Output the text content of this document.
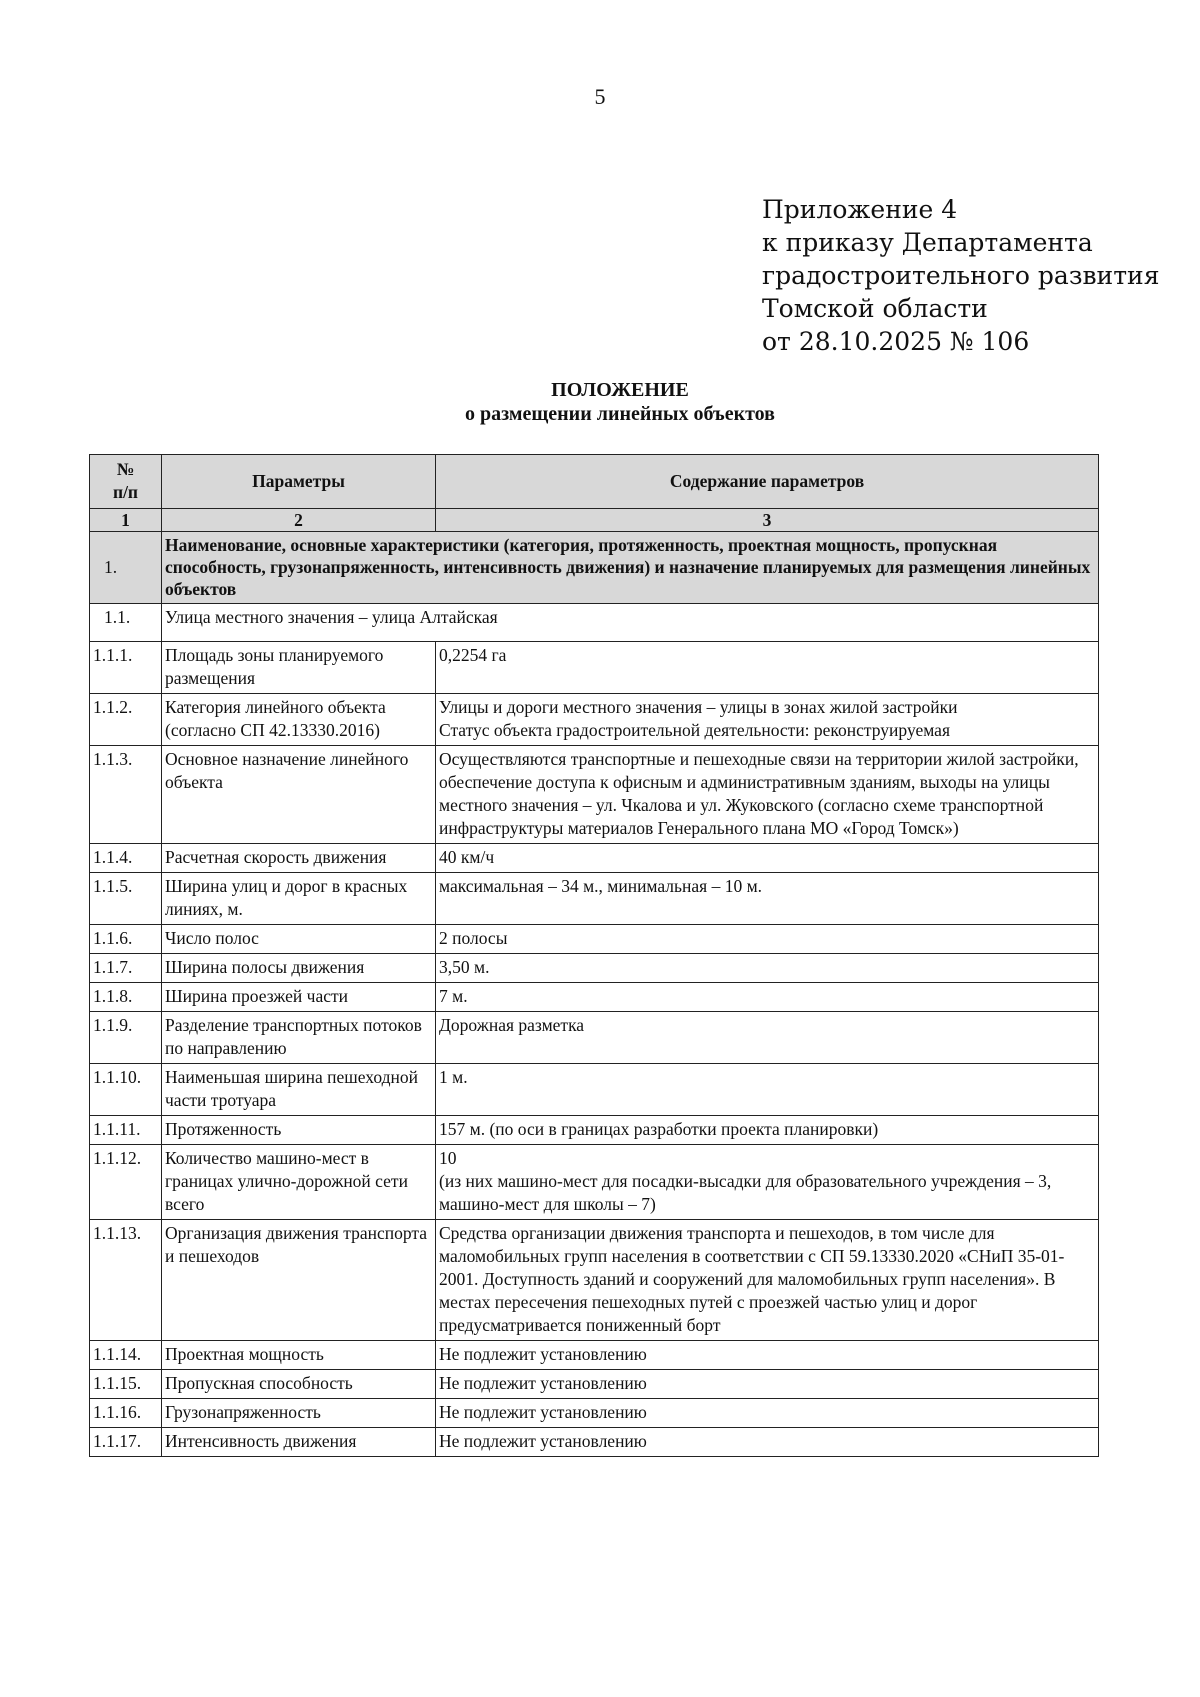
5
Приложение 4
к приказу Департамента
градостроительного развития
Томской области
от 28.10.2025 № 106
ПОЛОЖЕНИЕ
о размещении линейных объектов
№
п/п	Параметры	Содержание параметров
1	2	3
1.	Наименование, основные характеристики (категория, протяженность, проектная мощность, пропускная способность, грузонапряженность, интенсивность движения) и назначение планируемых для размещения линейных объектов	
1.1.	Улица местного значения – улица Алтайская	
1.1.1.	Площадь зоны планируемого размещения	0,2254 га

1.1.2.	Категория линейного объекта (согласно СП 42.13330.2016)	Улицы и дороги местного значения – улицы в зонах жилой застройки
Статус объекта градостроительной деятельности: реконструируемая

1.1.3.	Основное назначение линейного объекта	Осуществляются транспортные и пешеходные связи на территории жилой застройки, обеспечение доступа к офисным и административным зданиям, выходы на улицы местного значения – ул. Чкалова и ул. Жуковского (согласно схеме транспортной инфраструктуры материалов Генерального плана МО «Город Томск»)

1.1.4.	Расчетная скорость движения	40 км/ч

1.1.5.	Ширина улиц и дорог в красных линиях, м.	максимальная – 34 м., минимальная – 10 м.

1.1.6.	Число полос	2 полосы

1.1.7.	Ширина полосы движения	3,50 м.

1.1.8.	Ширина проезжей части	7 м.

1.1.9.	Разделение транспортных потоков по направлению	Дорожная разметка

1.1.10.	Наименьшая ширина пешеходной части тротуара	1 м.

1.1.11.	Протяженность	157 м. (по оси в границах разработки проекта планировки)

1.1.12.	Количество машино-мест в границах улично-дорожной сети всего	10
(из них машино-мест для посадки-высадки для образовательного учреждения – 3, машино-мест для школы – 7)

1.1.13.	Организация движения транспорта и пешеходов	Средства организации движения транспорта и пешеходов, в том числе для маломобильных групп населения в соответствии с СП 59.13330.2020 «СНиП 35-01-2001. Доступность зданий и сооружений для маломобильных групп населения». В местах пересечения пешеходных путей с проезжей частью улиц и дорог предусматривается пониженный борт

1.1.14.	Проектная мощность	Не подлежит установлению

1.1.15.	Пропускная способность	Не подлежит установлению

1.1.16.	Грузонапряженность	Не подлежит установлению

1.1.17.	Интенсивность движения	Не подлежит установлению
